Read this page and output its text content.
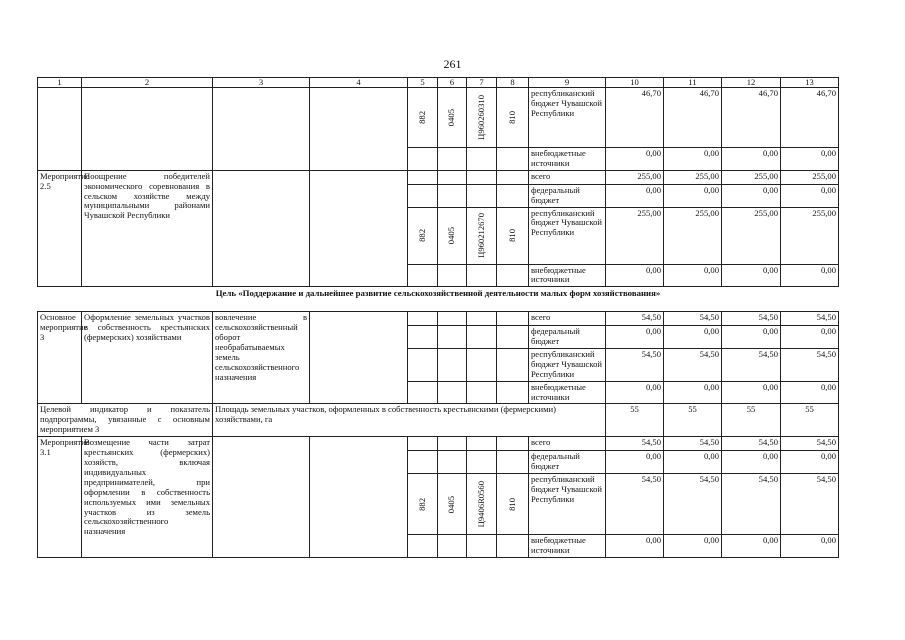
261
1	2	3	4	5	6	7	8	9	10	11	12	13

				882	0405	Ц960260310	810	республиканский бюджет Чувашской Республики	46,70	46,70	46,70	46,70
								внебюджетные источники	0,00	0,00	0,00	0,00
Мероприятие 2.5	Поощрение победителей экономического соревнования в сельском хозяйстве между муниципальными районами Чувашской Республики							всего	255,00	255,00	255,00	255,00
								федеральный бюджет	0,00	0,00	0,00	0,00

				882	0405	Ц960212670	810	республиканский бюджет Чувашской Республики	255,00	255,00	255,00	255,00
								внебюджетные источники	0,00	0,00	0,00	0,00
Цель «Поддержание и дальнейшее развитие сельскохозяйственной деятельности малых форм хозяйствования»												
Основное мероприятие 3	Оформление земельных участков в собственность крестьянских (фермерских) хозяйствами	вовлечение в сельскохозяйственный оборот необрабатываемых земель сельскохозяйственного назначения						всего	54,50	54,50	54,50	54,50
								федеральный бюджет	0,00	0,00	0,00	0,00
								республиканский бюджет Чувашской Республики	54,50	54,50	54,50	54,50
								внебюджетные источники	0,00	0,00	0,00	0,00
Целевой индикатор и показатель подпрограммы, увязанные с основным мероприятием 3		Площадь земельных участков, оформленных в собственность крестьянскими (фермерскими) хозяйствами, га							55	55	55	55
Мероприятие 3.1	Возмещение части затрат крестьянских (фермерских) хозяйств, включая индивидуальных предпринимателей, при оформлении в собственность используемых ими земельных участков из земель сельскохозяйственного назначения							всего	54,50	54,50	54,50	54,50
								федеральный бюджет	0,00	0,00	0,00	0,00

				882	0405	Ц9406R0560	810	республиканский бюджет Чувашской Республики	54,50	54,50	54,50	54,50
								внебюджетные источники	0,00	0,00	0,00	0,00
